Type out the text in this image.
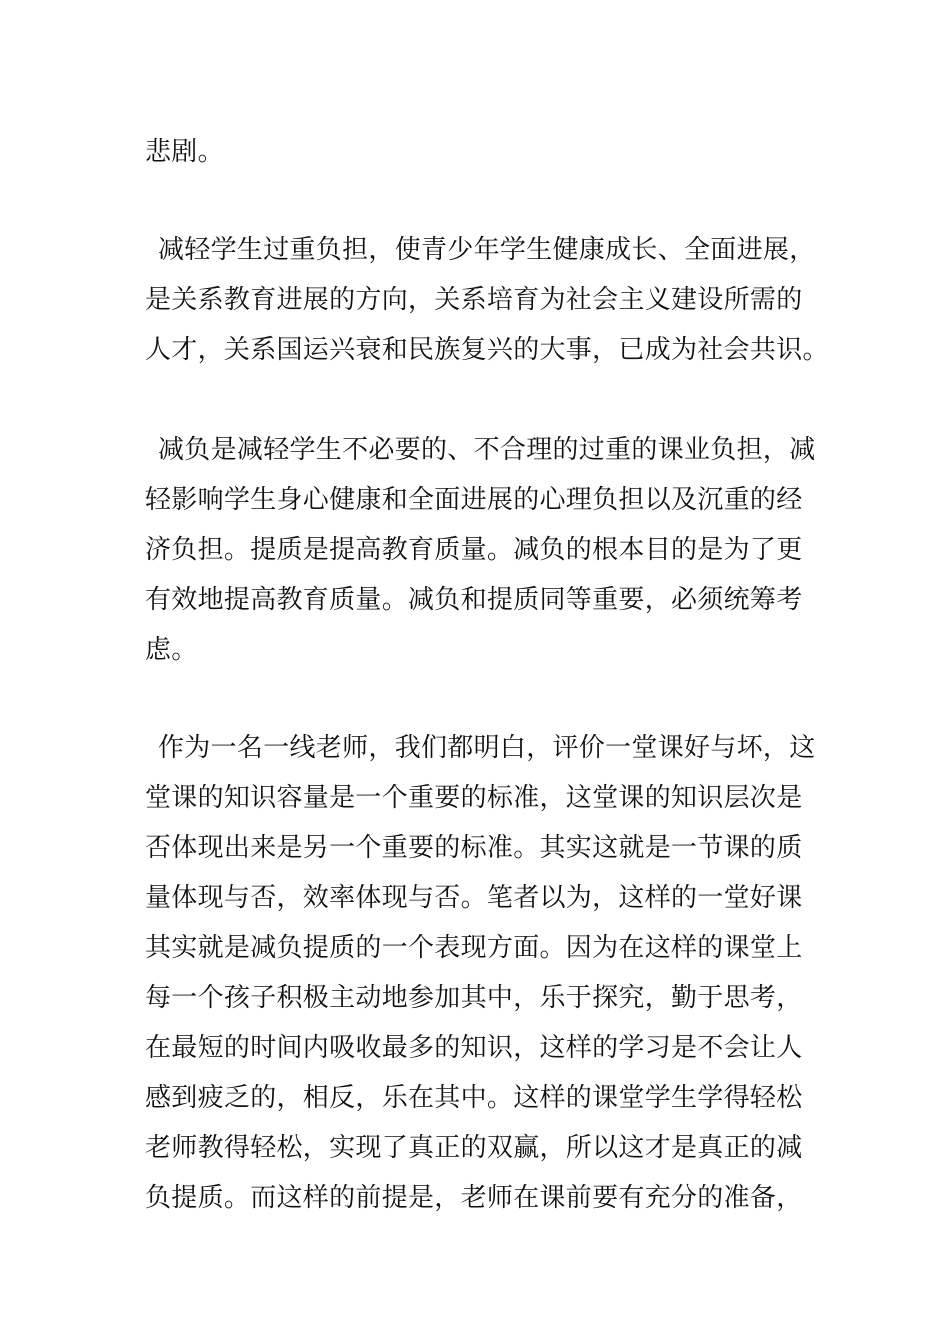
悲剧。
减轻学生过重负担，使青少年学生健康成长、全面进展，
是关系教育进展的方向，关系培育为社会主义建设所需的
人才，关系国运兴衰和民族复兴的大事，已成为社会共识。
减负是减轻学生不必要的、不合理的过重的课业负担，减
轻影响学生身心健康和全面进展的心理负担以及沉重的经
济负担。提质是提高教育质量。减负的根本目的是为了更
有效地提高教育质量。减负和提质同等重要，必须统筹考
虑。
作为一名一线老师，我们都明白，评价一堂课好与坏，这
堂课的知识容量是一个重要的标准，这堂课的知识层次是
否体现出来是另一个重要的标准。其实这就是一节课的质
量体现与否，效率体现与否。笔者以为，这样的一堂好课
其实就是减负提质的一个表现方面。因为在这样的课堂上
每一个孩子积极主动地参加其中，乐于探究，勤于思考，
在最短的时间内吸收最多的知识，这样的学习是不会让人
感到疲乏的，相反，乐在其中。这样的课堂学生学得轻松
老师教得轻松，实现了真正的双赢，所以这才是真正的减
负提质。而这样的前提是，老师在课前要有充分的准备，
